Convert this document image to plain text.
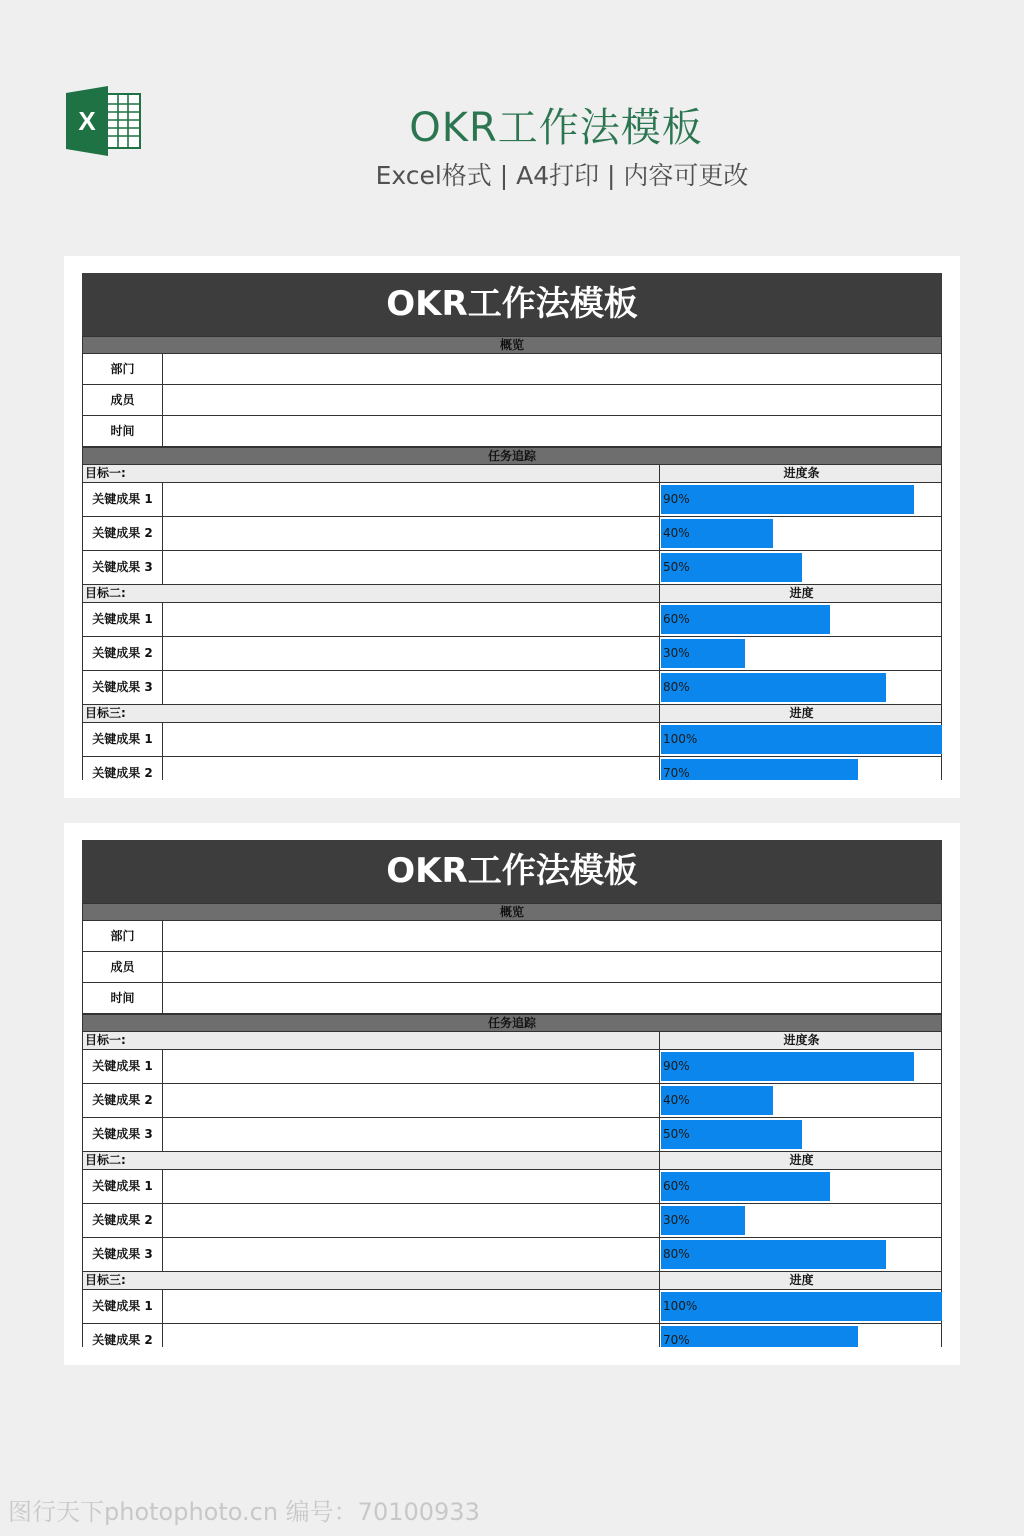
X	OKR工作法模板
Excel格式 | A4打印 | 内容可更改
OKR工作法模板
概览
部门
成员
时间
任务追踪
目标一:	进度条
关键成果 1	90%
关键成果 2	40%
关键成果 3	50%
目标二:	进度
关键成果 1	60%
关键成果 2	30%
关键成果 3	80%
目标三:	进度
关键成果 1	100%
关键成果 2	70%
OKR工作法模板
概览
部门
成员
时间
任务追踪
目标一:	进度条
关键成果 1	90%
关键成果 2	40%
关键成果 3	50%
目标二:	进度
关键成果 1	60%
关键成果 2	30%
关键成果 3	80%
目标三:	进度
关键成果 1	100%
关键成果 2	70%
图行天下photophoto.cn 编号：70100933
